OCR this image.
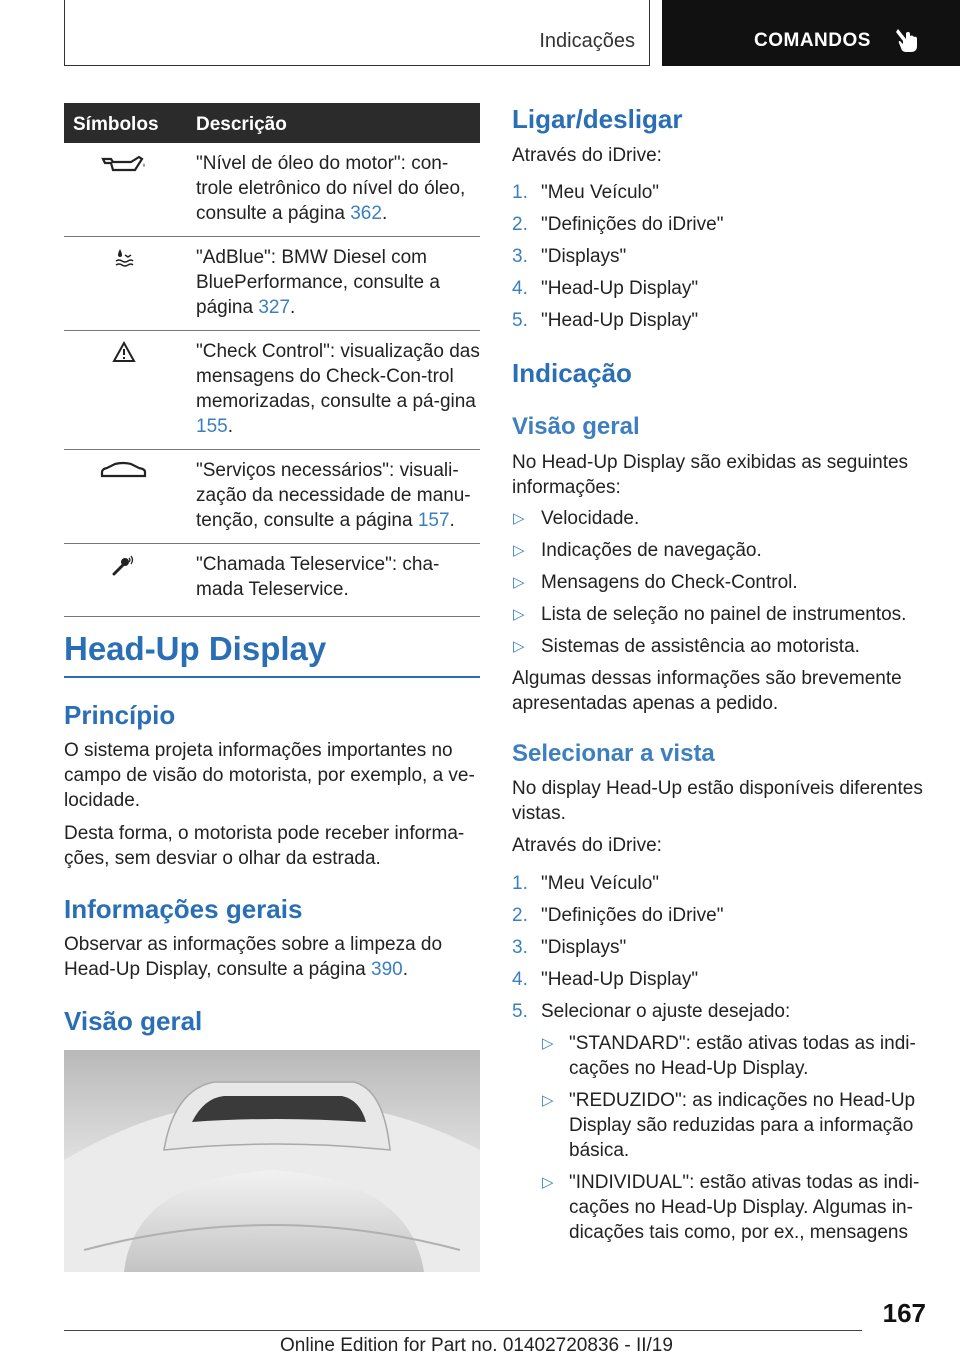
Indicações	COMANDOS
Símbolos Descrição
"Nível de óleo do motor": con-trole eletrônico do nível do óleo, consulte a página 362.
"AdBlue": BMW Diesel com BluePerformance, consulte a página 327.
"Check Control": visualização das mensagens do Check-Con-trol memorizadas, consulte a pá-gina 155.
"Serviços necessários": visuali-zação da necessidade de manu-tenção, consulte a página 157.
"Chamada Teleservice": cha-mada Teleservice.
Head-Up Display
Princípio
O sistema projeta informações importantes no campo de visão do motorista, por exemplo, a ve-locidade.
Desta forma, o motorista pode receber informa-ções, sem desviar o olhar da estrada.
Informações gerais
Observar as informações sobre a limpeza do Head-Up Display, consulte a página 390.
Visão geral
Ligar/desligar
Através do iDrive:
1. "Meu Veículo"
2. "Definições do iDrive"
3. "Displays"
4. "Head-Up Display"
5. "Head-Up Display"
Indicação
Visão geral
No Head-Up Display são exibidas as seguintes informações:
▷ Velocidade.
▷ Indicações de navegação.
▷ Mensagens do Check-Control.
▷ Lista de seleção no painel de instrumentos.
▷ Sistemas de assistência ao motorista.
Algumas dessas informações são brevemente apresentadas apenas a pedido.
Selecionar a vista
No display Head-Up estão disponíveis diferentes vistas.
Através do iDrive:
1. "Meu Veículo"
2. "Definições do iDrive"
3. "Displays"
4. "Head-Up Display"
5. Selecionar o ajuste desejado:
▷ "STANDARD": estão ativas todas as indi-cações no Head-Up Display.
▷ "REDUZIDO": as indicações no Head-Up Display são reduzidas para a informação básica.
▷ "INDIVIDUAL": estão ativas todas as indi-cações no Head-Up Display. Algumas in-dicações tais como, por ex., mensagens
167
Online Edition for Part no. 01402720836 - II/19
